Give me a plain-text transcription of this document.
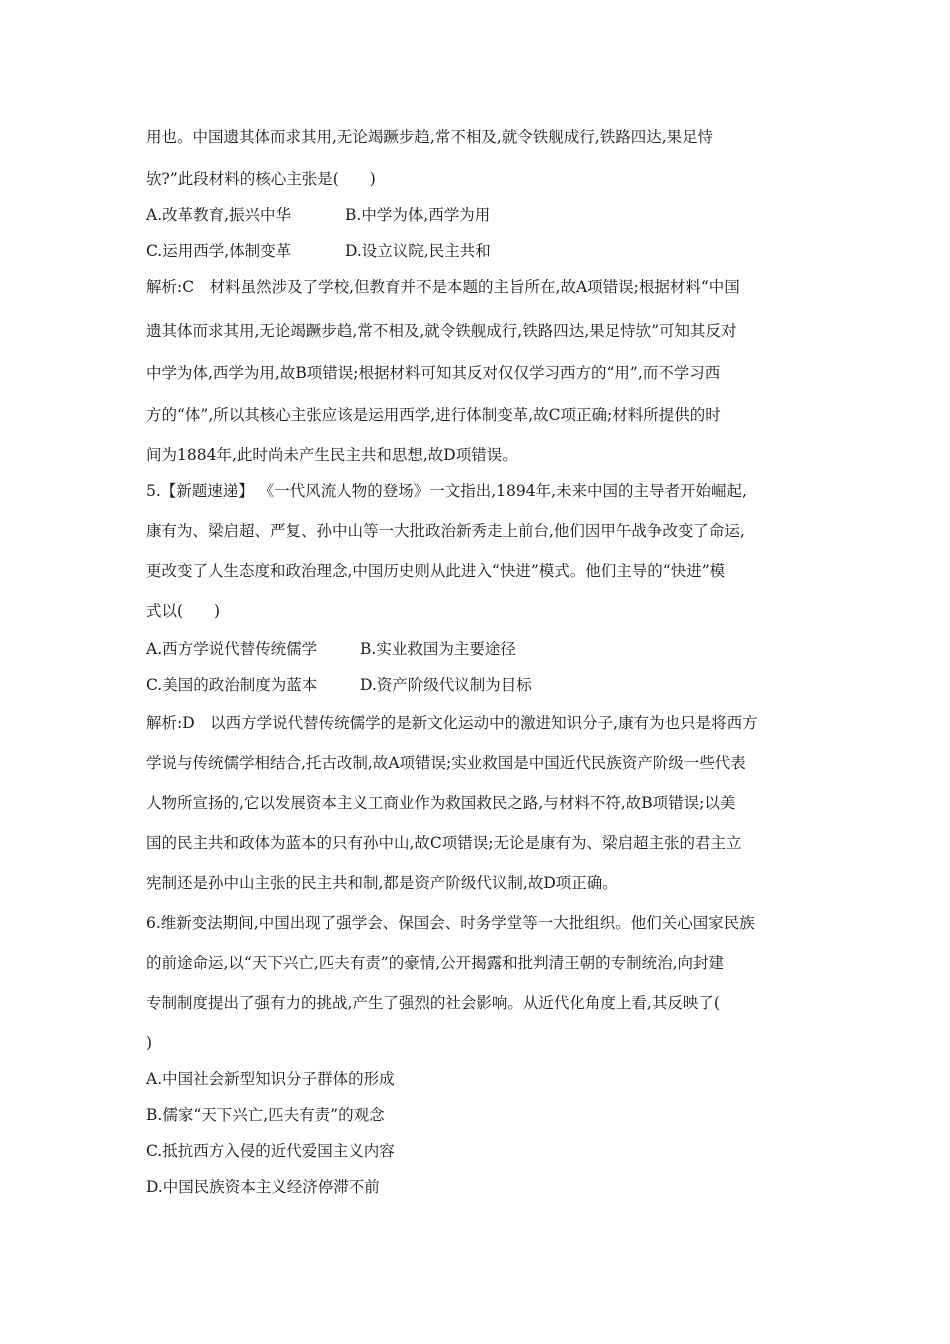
用也。中国遗其体而求其用,无论竭蹶步趋,常不相及,就令铁舰成行,铁路四达,果足恃
欤?”此段材料的核心主张是(　　)
A.改革教育,振兴中华	B.中学为体,西学为用
C.运用西学,体制变革	D.设立议院,民主共和
解析:C　材料虽然涉及了学校,但教育并不是本题的主旨所在,故A项错误;根据材料“中国
遗其体而求其用,无论竭蹶步趋,常不相及,就令铁舰成行,铁路四达,果足恃欤”可知其反对
中学为体,西学为用,故B项错误;根据材料可知其反对仅仅学习西方的“用”,而不学习西
方的“体”,所以其核心主张应该是运用西学,进行体制变革,故C项正确;材料所提供的时
间为1884年,此时尚未产生民主共和思想,故D项错误。
5.【新题速递】 《一代风流人物的登场》一文指出,1894年,未来中国的主导者开始崛起,
康有为、梁启超、严复、孙中山等一大批政治新秀走上前台,他们因甲午战争改变了命运,
更改变了人生态度和政治理念,中国历史则从此进入“快进”模式。他们主导的“快进”模
式以(　　)
A.西方学说代替传统儒学	B.实业救国为主要途径
C.美国的政治制度为蓝本	D.资产阶级代议制为目标
解析:D　以西方学说代替传统儒学的是新文化运动中的激进知识分子,康有为也只是将西方
学说与传统儒学相结合,托古改制,故A项错误;实业救国是中国近代民族资产阶级一些代表
人物所宣扬的,它以发展资本主义工商业作为救国救民之路,与材料不符,故B项错误;以美
国的民主共和政体为蓝本的只有孙中山,故C项错误;无论是康有为、梁启超主张的君主立
宪制还是孙中山主张的民主共和制,都是资产阶级代议制,故D项正确。
6.维新变法期间,中国出现了强学会、保国会、时务学堂等一大批组织。他们关心国家民族
的前途命运,以“天下兴亡,匹夫有责”的豪情,公开揭露和批判清王朝的专制统治,向封建
专制制度提出了强有力的挑战,产生了强烈的社会影响。从近代化角度上看,其反映了(
)
A.中国社会新型知识分子群体的形成
B.儒家“天下兴亡,匹夫有责”的观念
C.抵抗西方入侵的近代爱国主义内容
D.中国民族资本主义经济停滞不前
